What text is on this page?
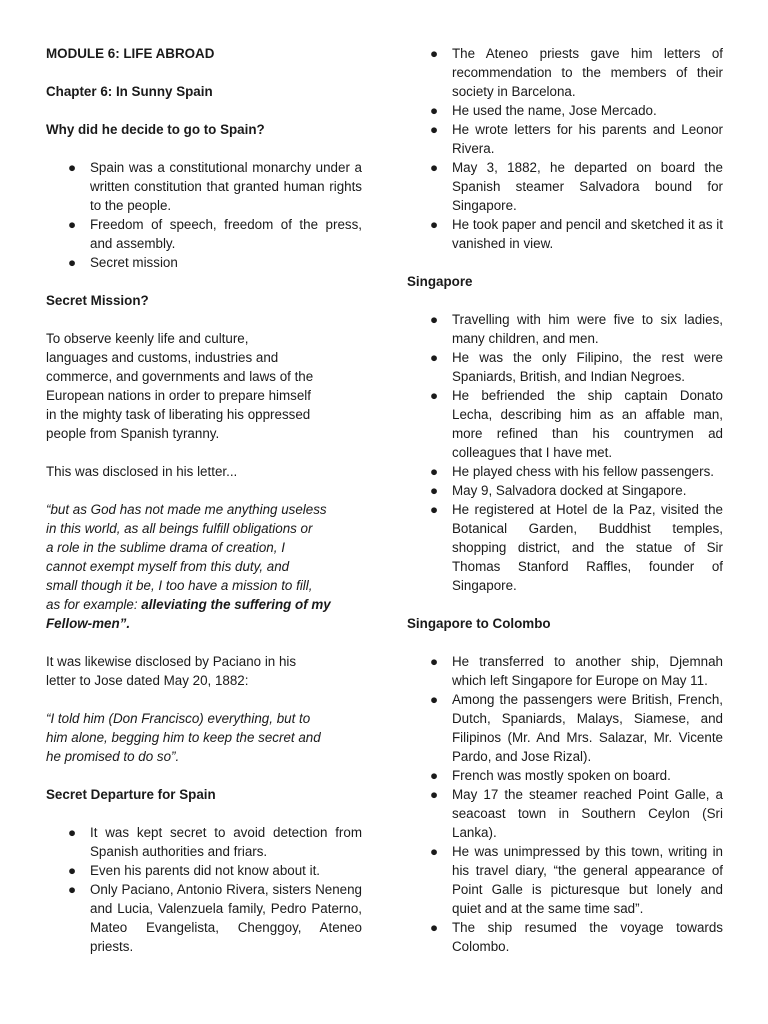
MODULE 6: LIFE ABROAD

Chapter 6: In Sunny Spain

Why did he decide to go to Spain?

● Spain was a constitutional monarchy under a written constitution that granted human rights to the people.
● Freedom of speech, freedom of the press, and assembly.
● Secret mission

Secret Mission?

To observe keenly life and culture,
languages and customs, industries and
commerce, and governments and laws of the
European nations in order to prepare himself
in the mighty task of liberating his oppressed
people from Spanish tyranny.
This was disclosed in his letter...
“but as God has not made me anything useless
in this world, as all beings fulfill obligations or
a role in the sublime drama of creation, I
cannot exempt myself from this duty, and
small though it be, I too have a mission to fill,
as for example: alleviating the suffering of my
Fellow-men”.
It was likewise disclosed by Paciano in his
letter to Jose dated May 20, 1882:
“I told him (Don Francisco) everything, but to
him alone, begging him to keep the secret and
he promised to do so”.

Secret Departure for Spain

● It was kept secret to avoid detection from Spanish authorities and friars.
● Even his parents did not know about it.
● Only Paciano, Antonio Rivera, sisters Neneng and Lucia, Valenzuela family, Pedro Paterno, Mateo Evangelista, Chenggoy, Ateneo priests.
● The Ateneo priests gave him letters of recommendation to the members of their society in Barcelona.
● He used the name, Jose Mercado.
● He wrote letters for his parents and Leonor Rivera.
● May 3, 1882, he departed on board the Spanish steamer Salvadora bound for Singapore.
● He took paper and pencil and sketched it as it vanished in view.

Singapore

● Travelling with him were five to six ladies, many children, and men.
● He was the only Filipino, the rest were Spaniards, British, and Indian Negroes.
● He befriended the ship captain Donato Lecha, describing him as an affable man, more refined than his countrymen ad colleagues that I have met.
● He played chess with his fellow passengers.
● May 9, Salvadora docked at Singapore.
● He registered at Hotel de la Paz, visited the Botanical Garden, Buddhist temples, shopping district, and the statue of Sir Thomas Stanford Raffles, founder of Singapore.

Singapore to Colombo

● He transferred to another ship, Djemnah which left Singapore for Europe on May 11.
● Among the passengers were British, French, Dutch, Spaniards, Malays, Siamese, and Filipinos (Mr. And Mrs. Salazar, Mr. Vicente Pardo, and Jose Rizal).
● French was mostly spoken on board.
● May 17 the steamer reached Point Galle, a seacoast town in Southern Ceylon (Sri Lanka).
● He was unimpressed by this town, writing in his travel diary, “the general appearance of Point Galle is picturesque but lonely and quiet and at the same time sad”.
● The ship resumed the voyage towards Colombo.
